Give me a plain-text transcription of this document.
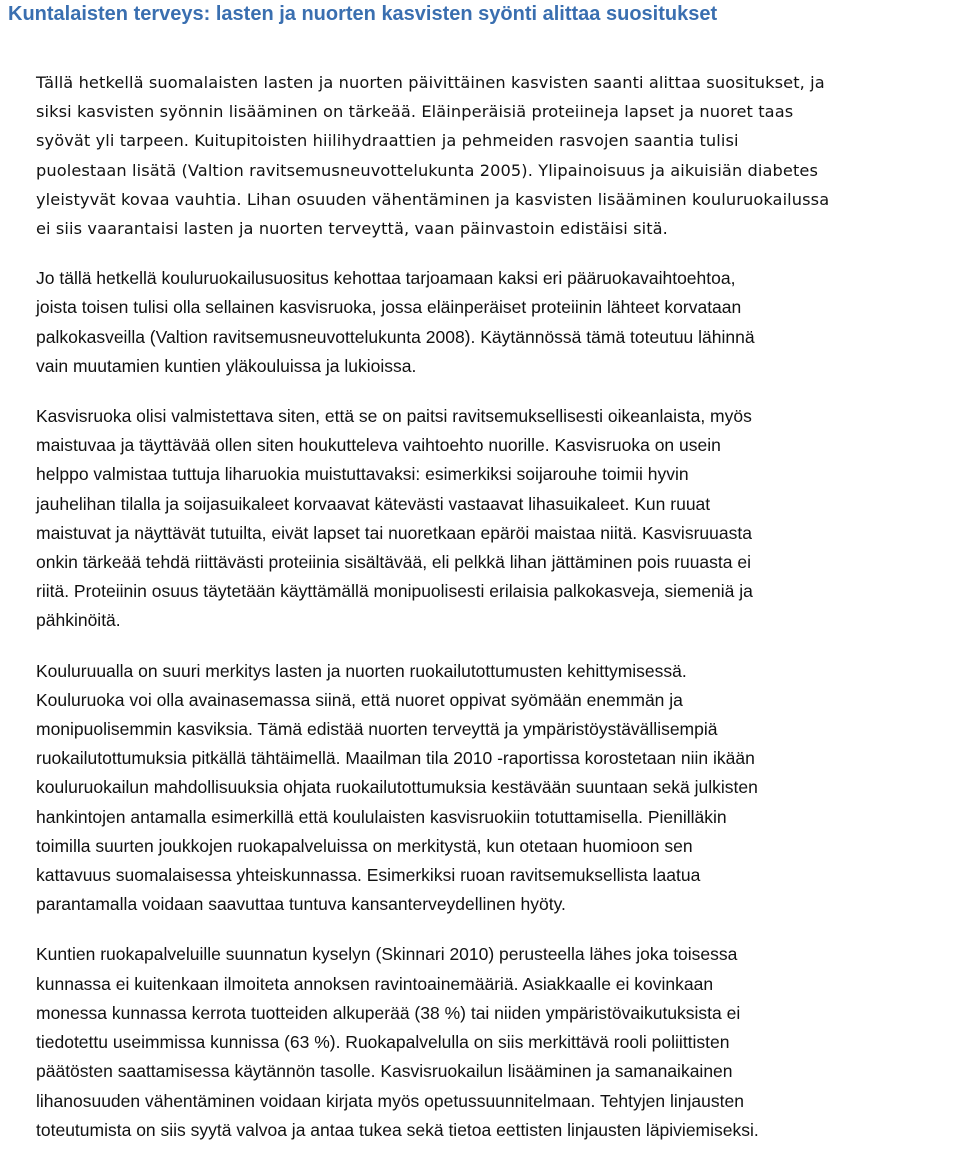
Kuntalaisten terveys: lasten ja nuorten kasvisten syönti alittaa suositukset

Tällä hetkellä suomalaisten lasten ja nuorten päivittäinen kasvisten saanti alittaa suositukset, ja
siksi kasvisten syönnin lisääminen on tärkeää. Eläinperäisiä proteiineja lapset ja nuoret taas
syövät yli tarpeen. Kuitupitoisten hiilihydraattien ja pehmeiden rasvojen saantia tulisi
puolestaan lisätä (Valtion ravitsemusneuvottelukunta 2005). Ylipainoisuus ja aikuisiän diabetes
yleistyvät kovaa vauhtia. Lihan osuuden vähentäminen ja kasvisten lisääminen kouluruokailussa
ei siis vaarantaisi lasten ja nuorten terveyttä, vaan päinvastoin edistäisi sitä.

Jo tällä hetkellä kouluruokailusuositus kehottaa tarjoamaan kaksi eri pääruokavaihtoehtoa,
joista toisen tulisi olla sellainen kasvisruoka, jossa eläinperäiset proteiinin lähteet korvataan
palkokasveilla (Valtion ravitsemusneuvottelukunta 2008). Käytännössä tämä toteutuu lähinnä
vain muutamien kuntien yläkouluissa ja lukioissa.

Kasvisruoka olisi valmistettava siten, että se on paitsi ravitsemuksellisesti oikeanlaista, myös
maistuvaa ja täyttävää ollen siten houkutteleva vaihtoehto nuorille. Kasvisruoka on usein
helppo valmistaa tuttuja liharuokia muistuttavaksi: esimerkiksi soijarouhe toimii hyvin
jauhelihan tilalla ja soijasuikaleet korvaavat kätevästi vastaavat lihasuikaleet. Kun ruuat
maistuvat ja näyttävät tutuilta, eivät lapset tai nuoretkaan epäröi maistaa niitä. Kasvisruuasta
onkin tärkeää tehdä riittävästi proteiinia sisältävää, eli pelkkä lihan jättäminen pois ruuasta ei
riitä. Proteiinin osuus täytetään käyttämällä monipuolisesti erilaisia palkokasveja, siemeniä ja
pähkinöitä.

Kouluruualla on suuri merkitys lasten ja nuorten ruokailutottumusten kehittymisessä.
Kouluruoka voi olla avainasemassa siinä, että nuoret oppivat syömään enemmän ja
monipuolisemmin kasviksia. Tämä edistää nuorten terveyttä ja ympäristöystävällisempiä
ruokailutottumuksia pitkällä tähtäimellä. Maailman tila 2010 -raportissa korostetaan niin ikään
kouluruokailun mahdollisuuksia ohjata ruokailutottumuksia kestävään suuntaan sekä julkisten
hankintojen antamalla esimerkillä että koululaisten kasvisruokiin totuttamisella. Pienilläkin
toimilla suurten joukkojen ruokapalveluissa on merkitystä, kun otetaan huomioon sen
kattavuus suomalaisessa yhteiskunnassa. Esimerkiksi ruoan ravitsemuksellista laatua
parantamalla voidaan saavuttaa tuntuva kansanterveydellinen hyöty.

Kuntien ruokapalveluille suunnatun kyselyn (Skinnari 2010) perusteella lähes joka toisessa
kunnassa ei kuitenkaan ilmoiteta annoksen ravintoainemääriä. Asiakkaalle ei kovinkaan
monessa kunnassa kerrota tuotteiden alkuperää (38 %) tai niiden ympäristövaikutuksista ei
tiedotettu useimmissa kunnissa (63 %). Ruokapalvelulla on siis merkittävä rooli poliittisten
päätösten saattamisessa käytännön tasolle. Kasvisruokailun lisääminen ja samanaikainen
lihanosuuden vähentäminen voidaan kirjata myös opetussuunnitelmaan. Tehtyjen linjausten
toteutumista on siis syytä valvoa ja antaa tukea sekä tietoa eettisten linjausten läpiviemiseksi.
